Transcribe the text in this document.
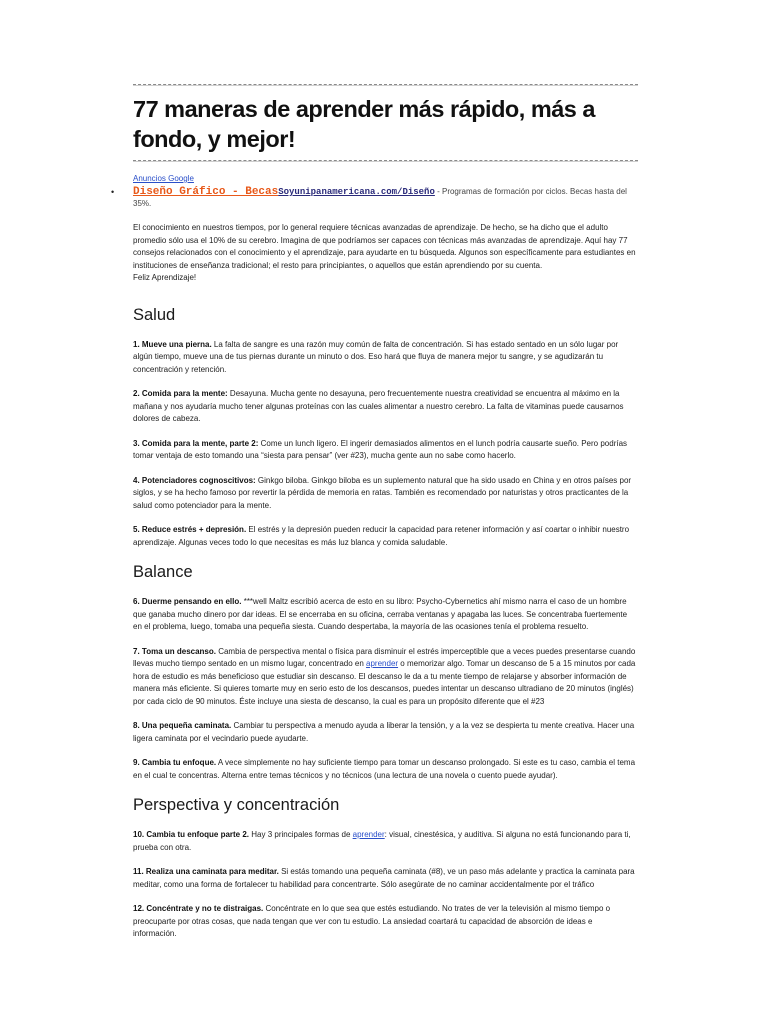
77 maneras de aprender más rápido, más a fondo, y mejor!
Anuncios Google
• Diseño Gráfico - BecasSoyunipanamericana.com/Diseño - Programas de formación por ciclos. Becas hasta del 35%.

El conocimiento en nuestros tiempos, por lo general requiere técnicas avanzadas de aprendizaje. De hecho, se ha dicho que el adulto promedio sólo usa el 10% de su cerebro. Imagina de que podríamos ser capaces con técnicas más avanzadas de aprendizaje. Aquí hay 77 consejos relacionados con el conocimiento y el aprendizaje, para ayudarte en tu búsqueda. Algunos son específicamente para estudiantes en instituciones de enseñanza tradicional; el resto para principiantes, o aquellos que están aprendiendo por su cuenta.

Feliz Aprendizaje!

Salud

1. Mueve una pierna. La falta de sangre es una razón muy común de falta de concentración. Si has estado sentado en un sólo lugar por algún tiempo, mueve una de tus piernas durante un minuto o dos. Eso hará que fluya de manera mejor tu sangre, y se agudizarán tu concentración y retención.

2. Comida para la mente: Desayuna. Mucha gente no desayuna, pero frecuentemente nuestra creatividad se encuentra al máximo en la mañana y nos ayudaría mucho tener algunas proteínas con las cuales alimentar a nuestro cerebro. La falta de vitaminas puede causarnos dolores de cabeza.

3. Comida para la mente, parte 2: Come un lunch ligero. El ingerir demasiados alimentos en el lunch podría causarte sueño. Pero podrías tomar ventaja de esto tomando una “siesta para pensar” (ver #23), mucha gente aun no sabe como hacerlo.

4. Potenciadores cognoscitivos: Ginkgo biloba. Ginkgo biloba es un suplemento natural que ha sido usado en China y en otros países por siglos, y se ha hecho famoso por revertir la pérdida de memoria en ratas. También es recomendado por naturistas y otros practicantes de la salud como potenciador para la mente.

5. Reduce estrés + depresión. El estrés y la depresión pueden reducir la capacidad para retener información y así coartar o inhibir nuestro aprendizaje. Algunas veces todo lo que necesitas es más luz blanca y comida saludable.

Balance

6. Duerme pensando en ello. ***well Maltz escribió acerca de esto en su libro: Psycho-Cybernetics ahí mismo narra el caso de un hombre que ganaba mucho dinero por dar ideas. El se encerraba en su oficina, cerraba ventanas y apagaba las luces. Se concentraba fuertemente en el problema, luego, tomaba una pequeña siesta. Cuando despertaba, la mayoría de las ocasiones tenía el problema resuelto.

7. Toma un descanso. Cambia de perspectiva mental o física para disminuir el estrés imperceptible que a veces puedes presentarse cuando llevas mucho tiempo sentado en un mismo lugar, concentrado en aprender o memorizar algo. Tomar un descanso de 5 a 15 minutos por cada hora de estudio es más beneficioso que estudiar sin descanso. El descanso le da a tu mente tiempo de relajarse y absorber información de manera más eficiente. Si quieres tomarte muy en serio esto de los descansos, puedes intentar un descanso ultradiano de 20 minutos (inglés) por cada ciclo de 90 minutos. Éste incluye una siesta de descanso, la cual es para un propósito diferente que el #23

8. Una pequeña caminata. Cambiar tu perspectiva a menudo ayuda a liberar la tensión, y a la vez se despierta tu mente creativa. Hacer una ligera caminata por el vecindario puede ayudarte.

9. Cambia tu enfoque. A vece simplemente no hay suficiente tiempo para tomar un descanso prolongado. Si este es tu caso, cambia el tema en el cual te concentras. Alterna entre temas técnicos y no técnicos (una lectura de una novela o cuento puede ayudar).

Perspectiva y concentración

10. Cambia tu enfoque parte 2. Hay 3 principales formas de aprender: visual, cinestésica, y auditiva. Si alguna no está funcionando para ti, prueba con otra.

11. Realiza una caminata para meditar. Si estás tomando una pequeña caminata (#8), ve un paso más adelante y practica la caminata para meditar, como una forma de fortalecer tu habilidad para concentrarte. Sólo asegúrate de no caminar accidentalmente por el tráfico

12. Concéntrate y no te distraigas. Concéntrate en lo que sea que estés estudiando. No trates de ver la televisión al mismo tiempo o preocuparte por otras cosas, que nada tengan que ver con tu estudio. La ansiedad coartará tu capacidad de absorción de ideas e información.
